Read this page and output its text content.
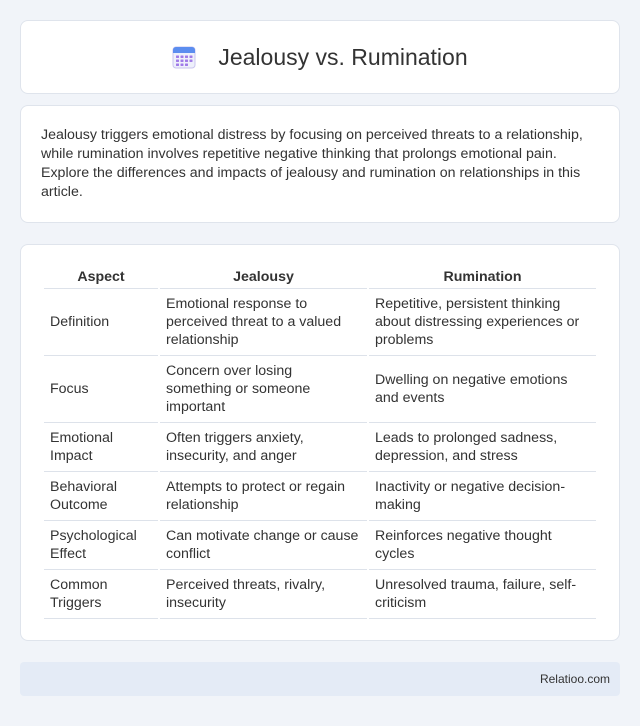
Jealousy vs. Rumination

Jealousy triggers emotional distress by focusing on perceived threats to a relationship, while rumination involves repetitive negative thinking that prolongs emotional pain. Explore the differences and impacts of jealousy and rumination on relationships in this article.

Aspect	Jealousy	Rumination
Definition	Emotional response to perceived threat to a valued relationship	Repetitive, persistent thinking about distressing experiences or problems
Focus	Concern over losing something or someone important	Dwelling on negative emotions and events
Emotional Impact	Often triggers anxiety, insecurity, and anger	Leads to prolonged sadness, depression, and stress
Behavioral Outcome	Attempts to protect or regain relationship	Inactivity or negative decision-making
Psychological Effect	Can motivate change or cause conflict	Reinforces negative thought cycles
Common Triggers	Perceived threats, rivalry, insecurity	Unresolved trauma, failure, self-criticism
Relatioo.com
